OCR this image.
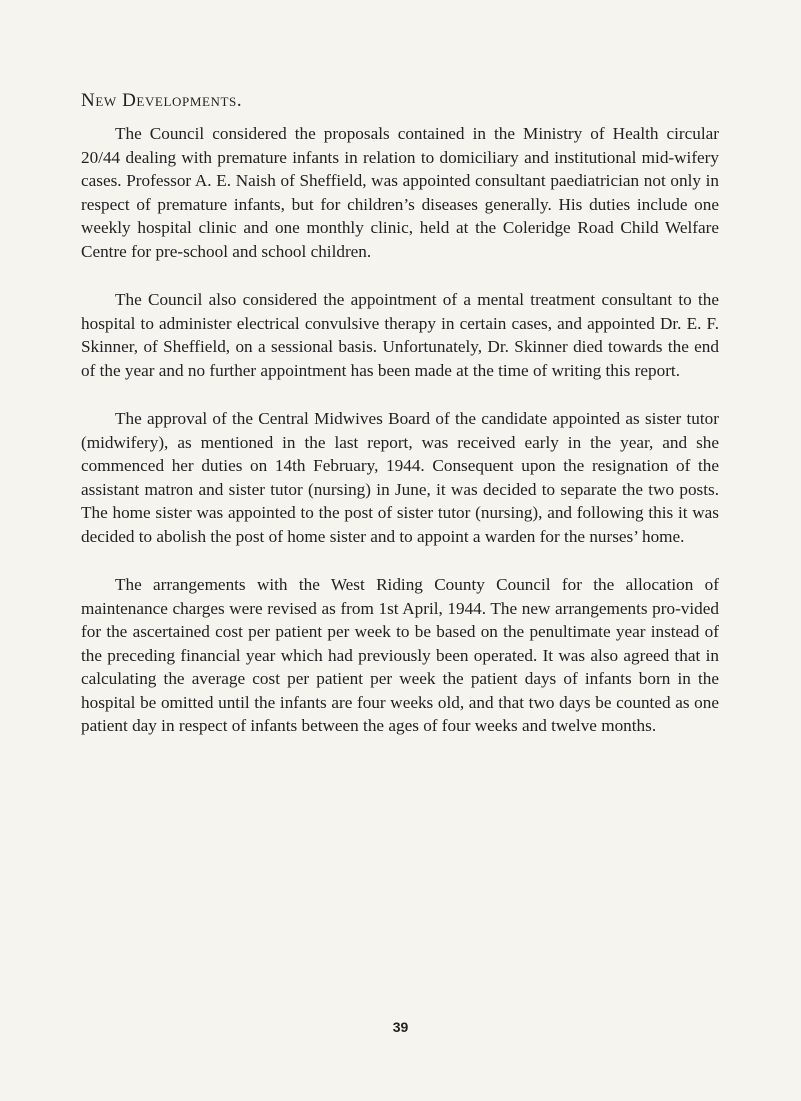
New Developments.

The Council considered the proposals contained in the Ministry of Health circular 20/44 dealing with premature infants in relation to domiciliary and institutional mid-wifery cases. Professor A. E. Naish of Sheffield, was appointed consultant paediatrician not only in respect of premature infants, but for children’s diseases generally. His duties include one weekly hospital clinic and one monthly clinic, held at the Coleridge Road Child Welfare Centre for pre-school and school children.

The Council also considered the appointment of a mental treatment consultant to the hospital to administer electrical convulsive therapy in certain cases, and appointed Dr. E. F. Skinner, of Sheffield, on a sessional basis. Unfortunately, Dr. Skinner died towards the end of the year and no further appointment has been made at the time of writing this report.

The approval of the Central Midwives Board of the candidate appointed as sister tutor (midwifery), as mentioned in the last report, was received early in the year, and she commenced her duties on 14th February, 1944. Consequent upon the resignation of the assistant matron and sister tutor (nursing) in June, it was decided to separate the two posts. The home sister was appointed to the post of sister tutor (nursing), and following this it was decided to abolish the post of home sister and to appoint a warden for the nurses’ home.

The arrangements with the West Riding County Council for the allocation of maintenance charges were revised as from 1st April, 1944. The new arrangements pro-vided for the ascertained cost per patient per week to be based on the penultimate year instead of the preceding financial year which had previously been operated. It was also agreed that in calculating the average cost per patient per week the patient days of infants born in the hospital be omitted until the infants are four weeks old, and that two days be counted as one patient day in respect of infants between the ages of four weeks and twelve months.

39
